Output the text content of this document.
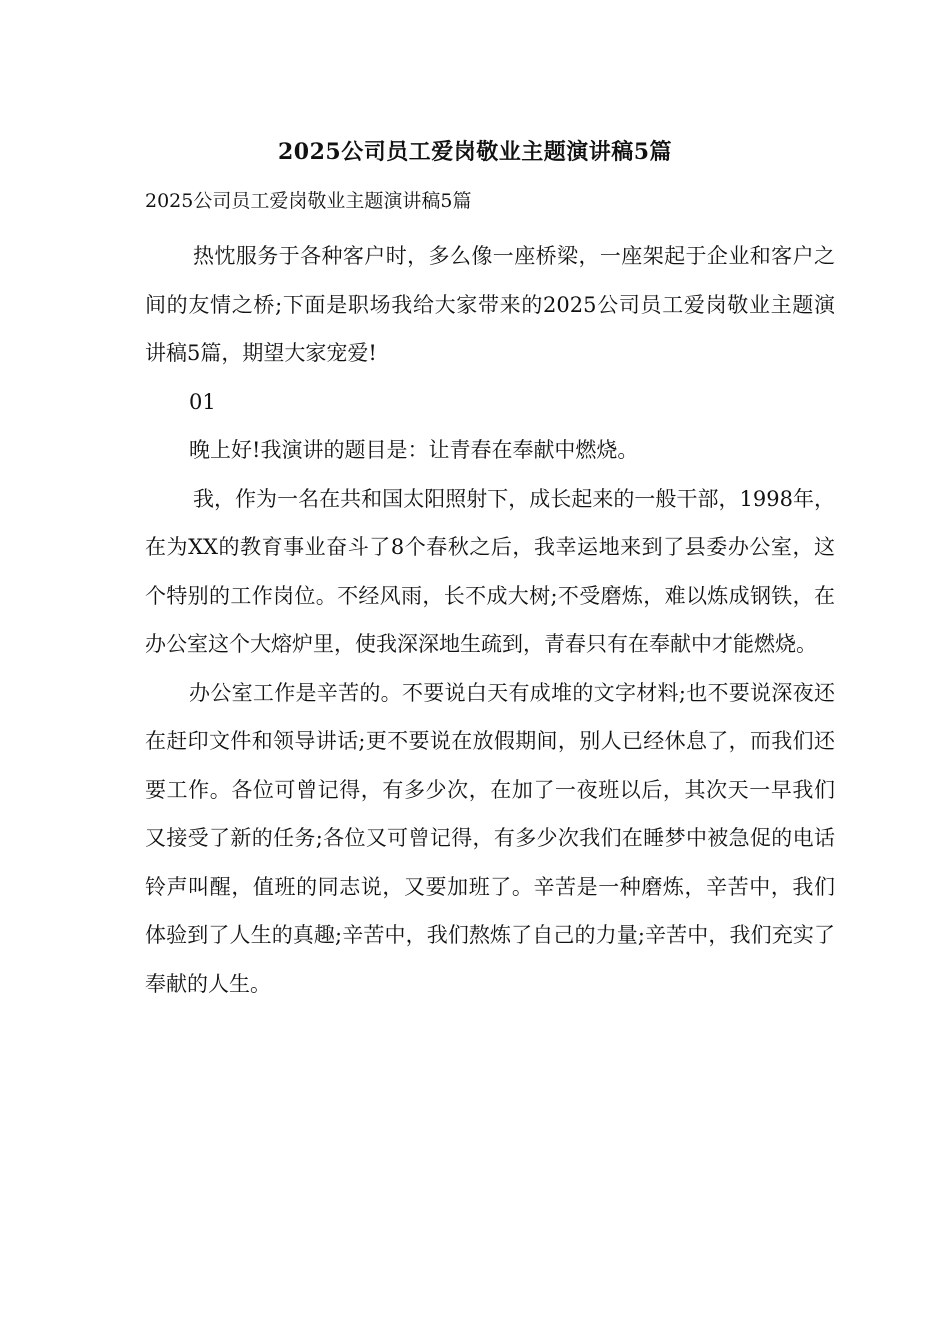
2025公司员工爱岗敬业主题演讲稿5篇

2025公司员工爱岗敬业主题演讲稿5篇

热忱服务于各种客户时，多么像一座桥梁，一座架起于企业和客户之间的友情之桥;下面是职场我给大家带来的2025公司员工爱岗敬业主题演讲稿5篇，期望大家宠爱!

01

晚上好!我演讲的题目是：让青春在奉献中燃烧。

我，作为一名在共和国太阳照射下，成长起来的一般干部，1998年，在为XX的教育事业奋斗了8个春秋之后，我幸运地来到了县委办公室，这个特别的工作岗位。不经风雨，长不成大树;不受磨炼，难以炼成钢铁，在办公室这个大熔炉里，使我深深地生疏到，青春只有在奉献中才能燃烧。

办公室工作是辛苦的。不要说白天有成堆的文字材料;也不要说深夜还在赶印文件和领导讲话;更不要说在放假期间，别人已经休息了，而我们还要工作。各位可曾记得，有多少次，在加了一夜班以后，其次天一早我们又接受了新的任务;各位又可曾记得，有多少次我们在睡梦中被急促的电话铃声叫醒，值班的同志说，又要加班了。辛苦是一种磨炼，辛苦中，我们体验到了人生的真趣;辛苦中，我们熬炼了自己的力量;辛苦中，我们充实了奉献的人生。
